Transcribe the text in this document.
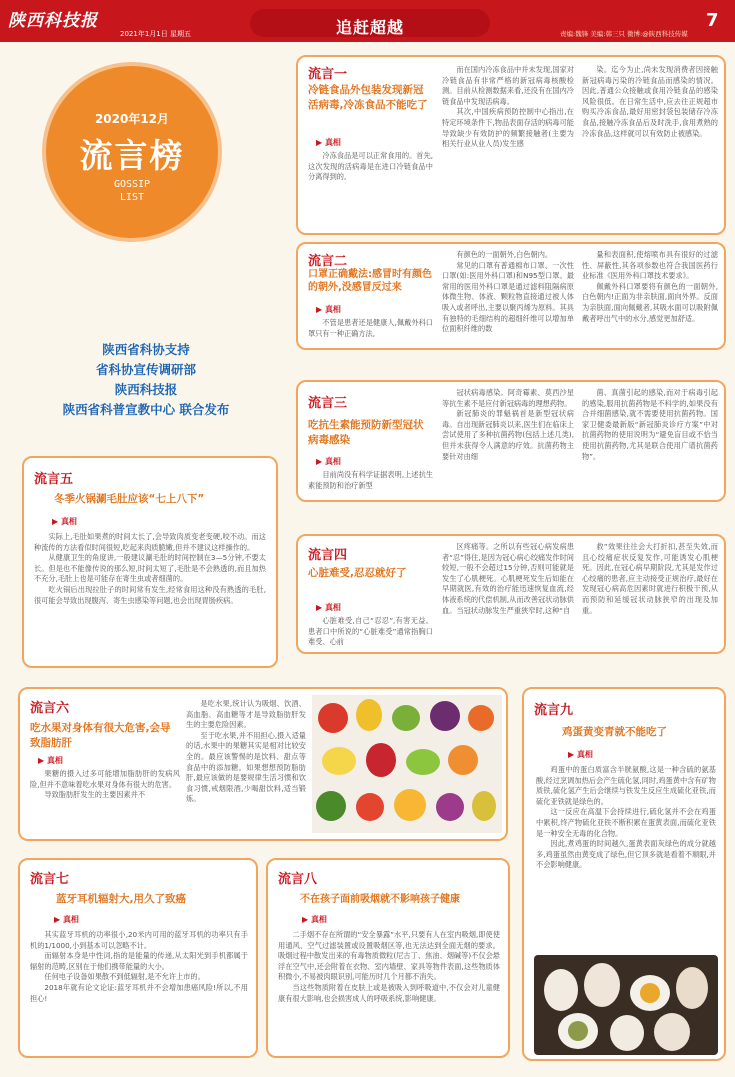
陕西科技报
2021年1月1日 星期五	追赶超越	责编:魏锋 美编:韩三只 微博:@陕西科技传媒
7
2020年12月
流言榜
GOSSIP
LIST
陕西省科协支持
省科协宣传调研部
陕西科技报
陕西省科普宣教中心 联合发布
流言一
冷链食品外包装发现新冠活病毒,冷冻食品不能吃了
▶ 真相

冷冻食品是可以正常食用的。首先,这次发现的活病毒是在进口冷链食品中分离得到的,

而在国内冷冻食品中并未发现,国家对冷链食品有非常严格的新冠病毒核酸检测。目前从检测数据来看,还没有在国内冷链食品中发现活病毒。

其次,中国疾病预防控制中心指出,在特定环境条件下,物品表面存活的病毒可能导致缺少有效防护的频繁接触者(主要为相关行业从业人员)发生感

染。迄今为止,尚未发现消费者因接触新冠病毒污染的冷链食品而感染的情况。因此,普通公众接触或食用冷链食品的感染风险很低。在日常生活中,应去往正规超市购买冷冻食品,最好用密封袋包装储存冷冻食品,接触冷冻食品后及时洗手,食用煮熟的冷冻食品,这样就可以有效防止被感染。

流言二
口罩正确戴法:感冒时有颜色的朝外,没感冒反过来
▶ 真相

不管是患者还是健康人,佩戴外科口罩只有一种正确方法,

有颜色的一面朝外,白色朝内。

常见的口罩有普通棉布口罩、一次性口罩(如:医用外科口罩)和N95型口罩。最常用的医用外科口罩是通过滤料阻隔病原体微生物、体液、颗粒物直接通过被人体吸入或者呼出,主要以聚丙烯为原料。其具有独特的毛细结构的超细纤维可以增加单位面积纤维的数

量和表面积,使熔喷布具有很好的过滤性、屏蔽性,其各项参数也符合我国医药行业标准《医用外科口罩技术要求》。

佩戴外科口罩要将有颜色的一面朝外,白色朝内!正面为非亲肤面,面向外界。反面为亲肤面,面向佩戴者,其吸水面可以吸附佩戴者呼出气中的水分,感觉更加舒适。

流言三
吃抗生素能预防新型冠状病毒感染
▶ 真相

目前尚没有科学证据表明,上述抗生素能预防和治疗新型

冠状病毒感染。阿奇霉素、莫西沙星等抗生素不是应付新冠病毒的理想药物。

新冠肺炎的罪魁祸首是新型冠状病毒。自出现新冠肺炎以来,医生们在临床上尝试使用了多种抗菌药物(包括上述几类),但并未获得令人满意的疗效。抗菌药物主要针对由细

菌、真菌引起的感染,而对于病毒引起的感染,服用抗菌药物是不科学的,如果没有合并细菌感染,就不需要使用抗菌药物。国家卫健委最新版“新冠肺炎诊疗方案”中对抗菌药物的使用说明为“避免盲目或不恰当使用抗菌药物,尤其是联合使用广谱抗菌药物”。

流言四
心脏难受,忍忍就好了
▶ 真相

心脏难受,自己“忍忍”,有害无益。患者口中所说的“心脏难受”通常指胸口难受、心前

区疼痛等。之所以有些冠心病发病患者“忍”得住,是因为冠心病心绞痛发作时间较短,一般不会超过15分钟,否则可能就是发生了心肌梗死。心肌梗死发生后如能在早期就医,有效的治疗能迅速恢复血流,经体液系统的代偿机制,从而改善冠状动脉供血。当冠状动脉发生严重狭窄时,这种“自

救”效果往往会大打折扣,甚至失效,而且心绞痛症状反复发作,可能诱发心肌梗死。因此,在冠心病早期阶段,尤其是发作过心绞痛的患者,应主动接受正规治疗,最好在发现冠心病高危因素时就进行积极干预,从而预防和延缓冠状动脉狭窄的出现及加重。

流言五
冬季火锅涮毛肚应该“七上八下”
▶ 真相

实际上,毛肚如果煮的时间太长了,会导致肉质变老变硬,咬不动。而这种流传的方法看似时间很短,吃起来肉质脆嫩,但并不建议这样操作的。

从健康卫生的角度讲,一般建议涮毛肚的时间控制在3—5分钟,不要太长。但是也不能像传说的那么短,时间太短了,毛肚是不会熟透的,而且加热不充分,毛肚上也是可能存在寄生虫或者细菌的。

吃火锅后出现拉肚子的时间常有发生,经常食用这种没有熟透的毛肚,很可能会导致出现腹泻、寄生虫感染等问题,也会出现胃肠疾病。

流言六
吃水果对身体有很大危害,会导致脂肪肝
▶ 真相

果糖的摄入过多可能增加脂肪肝的发病风险,但并不意味着吃水果对身体有很大的危害。

导致脂肪肝发生的主要因素并不

是吃水果,统计认为吸烟、饮酒、高血脂、高血糖等才是导致脂肪肝发生的主要危险因素。

至于吃水果,并不用担心,摄入适量的话,水果中的果糖其实是相对比较安全的。最应该警惕的是饮料、甜点等食品中的添加糖。如果想想预防脂肪肝,最应该做的是要规律生活习惯和饮食习惯,戒烟限酒,少喝甜饮料,适当锻炼。

流言九
鸡蛋黄变青就不能吃了
▶ 真相

鸡蛋中的蛋白质富含半胱氨酸,这是一种含硫的氨基酸,经过烹调加热后会产生硫化氢,同时,鸡蛋黄中含有矿物质铁,硫化氢产生后会继续与铁发生反应生成硫化亚铁,而硫化亚铁就是绿色的。

这一反应在高温下会持续进行,硫化氢并不会在鸡蛋中累积,终产物硫化亚铁不断积累在蛋黄表面,而硫化亚铁是一种安全无毒的化合物。

因此,煮鸡蛋的时间越久,蛋黄表面灰绿色的成分就越多,鸡蛋虽然由黄变成了绿色,但它顶多就是看着不顺眼,并不会影响健康。

流言七
蓝牙耳机辐射大,用久了致癌
▶ 真相

其实蓝牙耳机的功率很小,20米内可用的蓝牙耳机的功率只有手机的1/1000,小到基本可以忽略不计。

而辐射本身是中性词,指的是能量的传递,从太阳光到手机都属于辐射的范畴,区别在于他们携带能量的大小。

任何电子设备如果散不到低辐射,是不允许上市的。

2018年就有论文论证:蓝牙耳机并不会增加患癌风险!所以,不用担心!

流言八
不在孩子面前吸烟就不影响孩子健康
▶ 真相

二手烟不存在所谓的“安全暴露”水平,只要有人在室内吸烟,即使使用通风、空气过滤装置或设置吸烟区等,也无法达到全面无烟的要求。吸烟过程中散发出来的有毒物质微粒(尼古丁、焦油、烟碱等)不仅会悬浮在空气中,还会附着在衣物、室内墙壁、家具等物件表面,这些物质体积微小,不易被肉眼识别,可能历时几个月都不消失。

当这些物质附着在皮肤上或是被吸入到呼吸道中,不仅会对儿童健康有很大影响,也会损害成人的呼吸系统,影响健康。
